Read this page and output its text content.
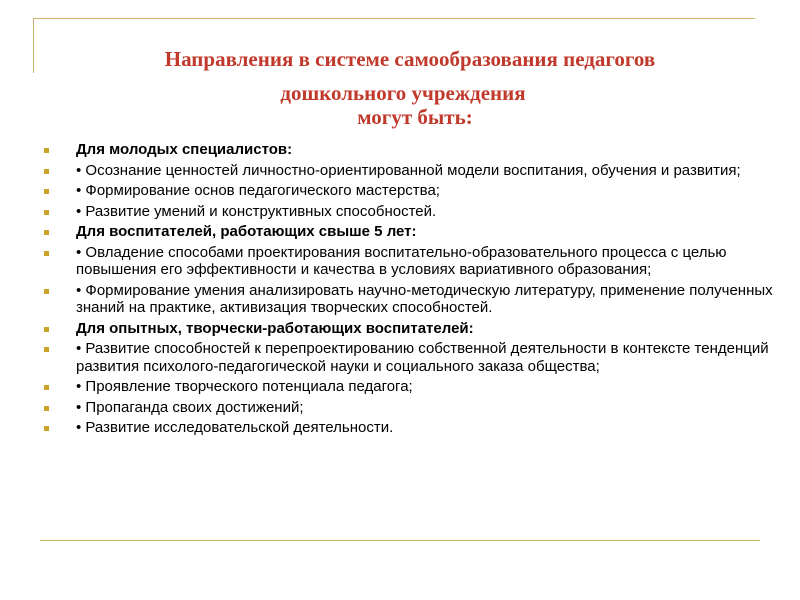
Направления в системе самообразования педагогов
дошкольного учреждения
могут быть:
Для молодых специалистов:
• Осознание ценностей личностно-ориентированной модели воспитания, обучения и развития;
• Формирование основ педагогического мастерства;
• Развитие умений и конструктивных способностей.
Для воспитателей, работающих свыше 5 лет:
• Овладение способами проектирования воспитательно-образовательного процесса с целью повышения его эффективности и качества в условиях вариативного образования;
• Формирование умения анализировать научно-методическую литературу, применение полученных знаний на практике, активизация творческих способностей.
Для опытных, творчески-работающих воспитателей:
• Развитие способностей к перепроектированию собственной деятельности в контексте тенденций развития психолого-педагогической науки и социального заказа общества;
• Проявление творческого потенциала педагога;
• Пропаганда своих достижений;
• Развитие исследовательской деятельности.
